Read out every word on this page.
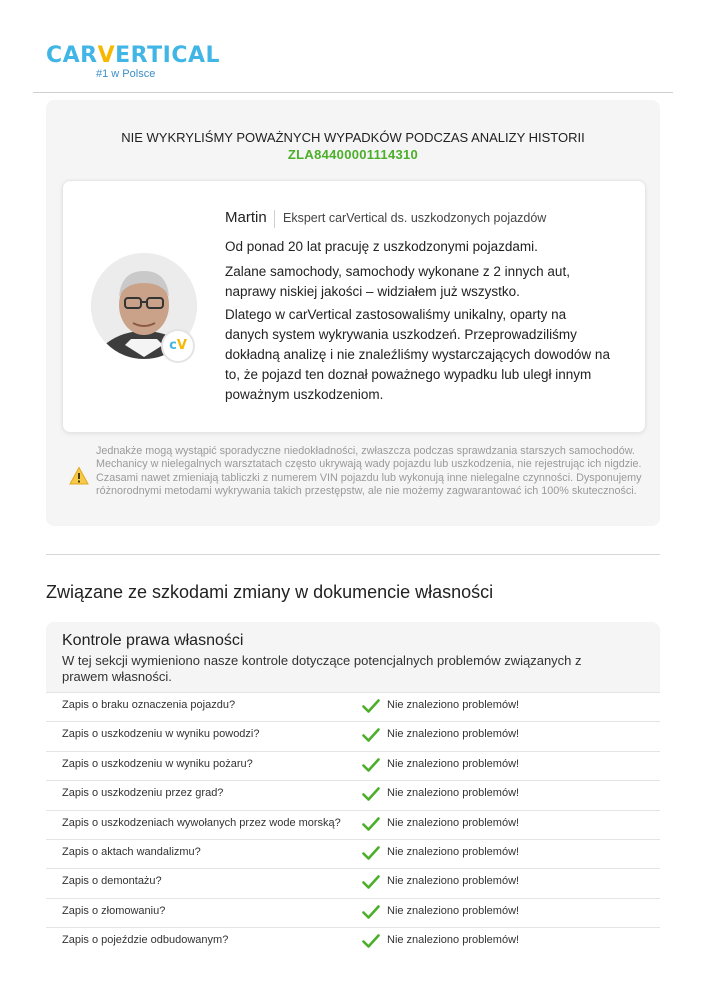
CARVERTICAL
#1 w Polsce
NIE WYKRYLIŚMY POWAŻNYCH WYPADKÓW PODCZAS ANALIZY HISTORII
ZLA84400001114310
cV
Martin Ekspert carVertical ds. uszkodzonych pojazdów
Od ponad 20 lat pracuję z uszkodzonymi pojazdami.
Zalane samochody, samochody wykonane z 2 innych aut, naprawy niskiej jakości – widziałem już wszystko.
Dlatego w carVertical zastosowaliśmy unikalny, oparty na danych system wykrywania uszkodzeń. Przeprowadziliśmy dokładną analizę i nie znaleźliśmy wystarczających dowodów na to, że pojazd ten doznał poważnego wypadku lub uległ innym poważnym uszkodzeniom.
Jednakże mogą wystąpić sporadyczne niedokładności, zwłaszcza podczas sprawdzania starszych samochodów. Mechanicy w nielegalnych warsztatach często ukrywają wady pojazdu lub uszkodzenia, nie rejestrując ich nigdzie. Czasami nawet zmieniają tabliczki z numerem VIN pojazdu lub wykonują inne nielegalne czynności. Dysponujemy różnorodnymi metodami wykrywania takich przestępstw, ale nie możemy zagwarantować ich 100% skuteczności.
Związane ze szkodami zmiany w dokumencie własności
Kontrole prawa własności
W tej sekcji wymieniono nasze kontrole dotyczące potencjalnych problemów związanych z prawem własności.
Zapis o braku oznaczenia pojazdu?	Nie znaleziono problemów!
Zapis o uszkodzeniu w wyniku powodzi?	Nie znaleziono problemów!
Zapis o uszkodzeniu w wyniku pożaru?	Nie znaleziono problemów!
Zapis o uszkodzeniu przez grad?	Nie znaleziono problemów!
Zapis o uszkodzeniach wywołanych przez wode morską?	Nie znaleziono problemów!
Zapis o aktach wandalizmu?	Nie znaleziono problemów!
Zapis o demontażu?	Nie znaleziono problemów!
Zapis o złomowaniu?	Nie znaleziono problemów!
Zapis o pojeździe odbudowanym?	Nie znaleziono problemów!
